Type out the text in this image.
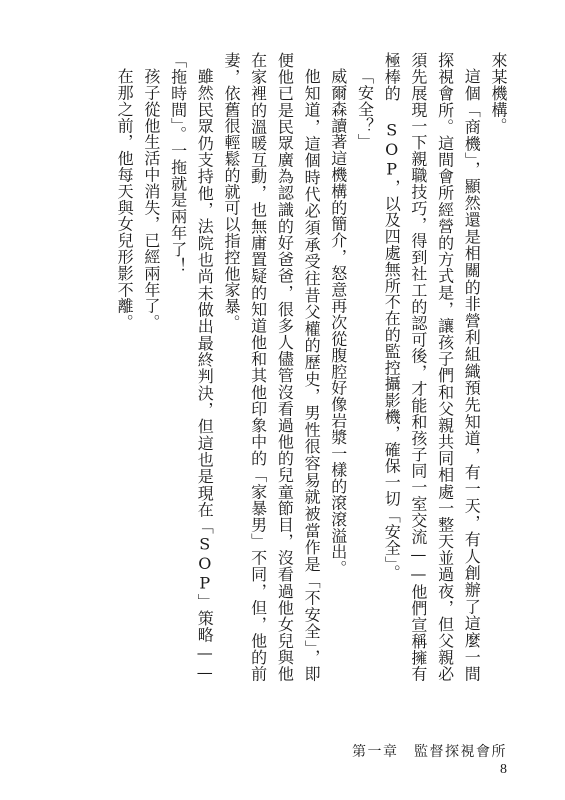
來某機構。

這個「商機」，顯然還是相關的非營利組織預先知道，有一天，有人創辦了這麼一間探視會所。這間會所經營的方式是，讓孩子們和父親共同相處一整天並過夜，但父親必須先展現一下親職技巧，得到社工的認可後，才能和孩子同一室交流——他們宣稱擁有極棒的 SOP，以及四處無所不在的監控攝影機，確保一切「安全」。

「安全？」

威爾森讀著這機構的簡介，怒意再次從腹腔好像岩漿一樣的滾滾溢出。

他知道，這個時代必須承受往昔父權的歷史，男性很容易就被當作是「不安全」，即便他已是民眾廣為認識的好爸爸，很多人儘管沒看過他的兒童節目，沒看過他女兒與他在家裡的溫暖互動，也無庸置疑的知道他和其他印象中的「家暴男」不同，但，他的前妻，依舊很輕鬆的就可以指控他家暴。

雖然民眾仍支持他，法院也尚未做出最終判決，但這也是現在「SOP」策略——「拖時間」。一拖就是兩年了！

孩子從他生活中消失，已經兩年了。

在那之前，他每天與女兒形影不離。

第一章　監督探視會所
8
